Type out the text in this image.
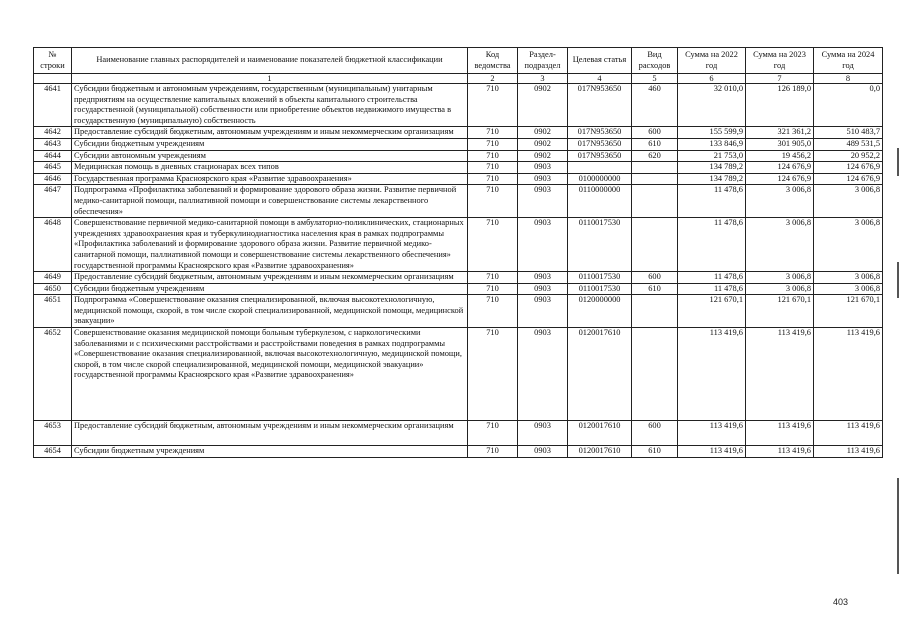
№ строки	Наименование главных распорядителей и наименование показателей бюджетной классификации	Код ведомства	Раздел-подраздел	Целевая статья	Вид расходов	Сумма на 2022 год	Сумма на 2023 год	Сумма на 2024 год
	1	2	3	4	5	6	7	8
4641	Субсидии бюджетным и автономным учреждениям, государственным (муниципальным) унитарным предприятиям на осуществление капитальных вложений в объекты капитального строительства государственной (муниципальной) собственности или приобретение объектов недвижимого имущества в государственную (муниципальную) собственность	710	0902	017N953650	460	32 010,0	126 189,0	0,0
4642	Предоставление субсидий бюджетным, автономным учреждениям и иным некоммерческим организациям	710	0902	017N953650	600	155 599,9	321 361,2	510 483,7
4643	Субсидии бюджетным учреждениям	710	0902	017N953650	610	133 846,9	301 905,0	489 531,5
4644	Субсидии автономным учреждениям	710	0902	017N953650	620	21 753,0	19 456,2	20 952,2
4645	Медицинская помощь в дневных стационарах всех типов	710	0903			134 789,2	124 676,9	124 676,9
4646	Государственная программа Красноярского края «Развитие здравоохранения»	710	0903	0100000000		134 789,2	124 676,9	124 676,9
4647	Подпрограмма «Профилактика заболеваний и формирование здорового образа жизни. Развитие первичной медико-санитарной помощи, паллиативной помощи и совершенствование системы лекарственного обеспечения»	710	0903	0110000000		11 478,6	3 006,8	3 006,8
4648	Совершенствование первичной медико-санитарной помощи в амбулаторно-поликлинических, стационарных учреждениях здравоохранения края и туберкулинодиагностика населения края в рамках подпрограммы «Профилактика заболеваний и формирование здорового образа жизни. Развитие первичной медико-санитарной помощи, паллиативной помощи и совершенствование системы лекарственного обеспечения» государственной программы Красноярского края «Развитие здравоохранения»	710	0903	0110017530		11 478,6	3 006,8	3 006,8
4649	Предоставление субсидий бюджетным, автономным учреждениям и иным некоммерческим организациям	710	0903	0110017530	600	11 478,6	3 006,8	3 006,8
4650	Субсидии бюджетным учреждениям	710	0903	0110017530	610	11 478,6	3 006,8	3 006,8
4651	Подпрограмма «Совершенствование оказания специализированной, включая высокотехнологичную, медицинской помощи, скорой, в том числе скорой специализированной, медицинской помощи, медицинской эвакуации»	710	0903	0120000000		121 670,1	121 670,1	121 670,1
4652	Совершенствование оказания медицинской помощи больным туберкулезом, с наркологическими заболеваниями и с психическими расстройствами и расстройствами поведения в рамках подпрограммы «Совершенствование оказания специализированной, включая высокотехнологичную, медицинской помощи, скорой, в том числе скорой специализированной, медицинской помощи, медицинской эвакуации» государственной программы Красноярского края «Развитие здравоохранения»	710	0903	0120017610		113 419,6	113 419,6	113 419,6
4653	Предоставление субсидий бюджетным, автономным учреждениям и иным некоммерческим организациям	710	0903	0120017610	600	113 419,6	113 419,6	113 419,6
4654	Субсидии бюджетным учреждениям	710	0903	0120017610	610	113 419,6	113 419,6	113 419,6
403
